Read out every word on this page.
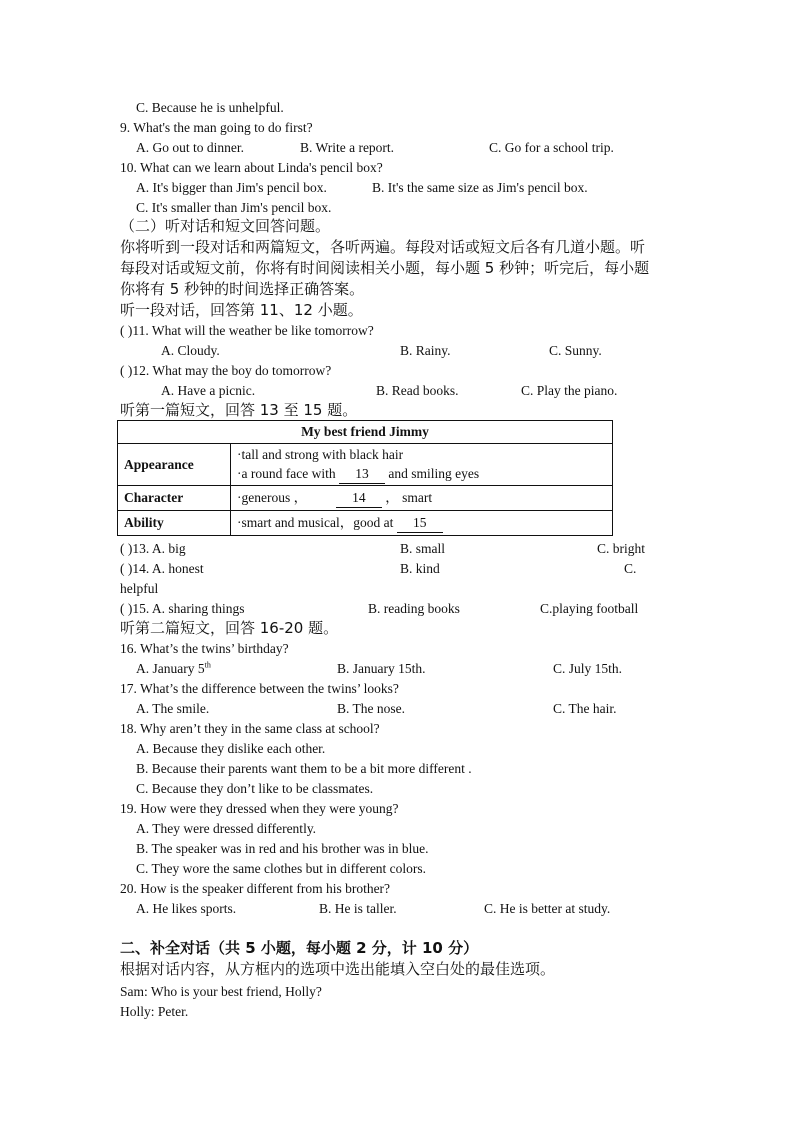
C. Because he is unhelpful.
9. What's the man going to do first?
A. Go out to dinner.	B. Write a report.	C. Go for a school trip.
10. What can we learn about Linda's pencil box?
A. It's bigger than Jim's pencil box.	B. It's the same size as Jim's pencil box.
C. It's smaller than Jim's pencil box.
（二）听对话和短文回答问题。
你将听到一段对话和两篇短文，各听两遍。每段对话或短文后各有几道小题。听
每段对话或短文前，你将有时间阅读相关小题，每小题 5 秒钟；听完后，每小题
你将有 5 秒钟的时间选择正确答案。
听一段对话，回答第 11、12 小题。
( )11. What will the weather be like tomorrow?
A. Cloudy.	B. Rainy.	C. Sunny.
( )12. What may the boy do tomorrow?
A. Have a picnic.	B. Read books.	C. Play the piano.
听第一篇短文，回答 13 至 15 题。
My best friend Jimmy	
Appearance	·tall and strong with black hair
·a round face with 13 and smiling eyes

Character	·generous ， 14 ， smart
Ability	·smart and musical，good at 15
( )13. A. big	B. small	C. bright
( )14. A. honest	B. kind	C.
helpful
( )15. A. sharing things	B. reading books	C.playing football
听第二篇短文，回答 16-20 题。
16. What’s the twins’ birthday?
A. January 5th	B. January 15th.	C. July 15th.
17. What’s the difference between the twins’ looks?
A. The smile.	B. The nose.	C. The hair.
18. Why aren’t they in the same class at school?
A. Because they dislike each other.
B. Because their parents want them to be a bit more different .
C. Because they don’t like to be classmates.
19. How were they dressed when they were young?
A. They were dressed differently.
B. The speaker was in red and his brother was in blue.
C. They wore the same clothes but in different colors.
20. How is the speaker different from his brother?
A. He likes sports.	B. He is taller.	C. He is better at study.
二、补全对话（共 5 小题，每小题 2 分，计 10 分）
根据对话内容，从方框内的选项中选出能填入空白处的最佳选项。
Sam: Who is your best friend, Holly?
Holly: Peter.
